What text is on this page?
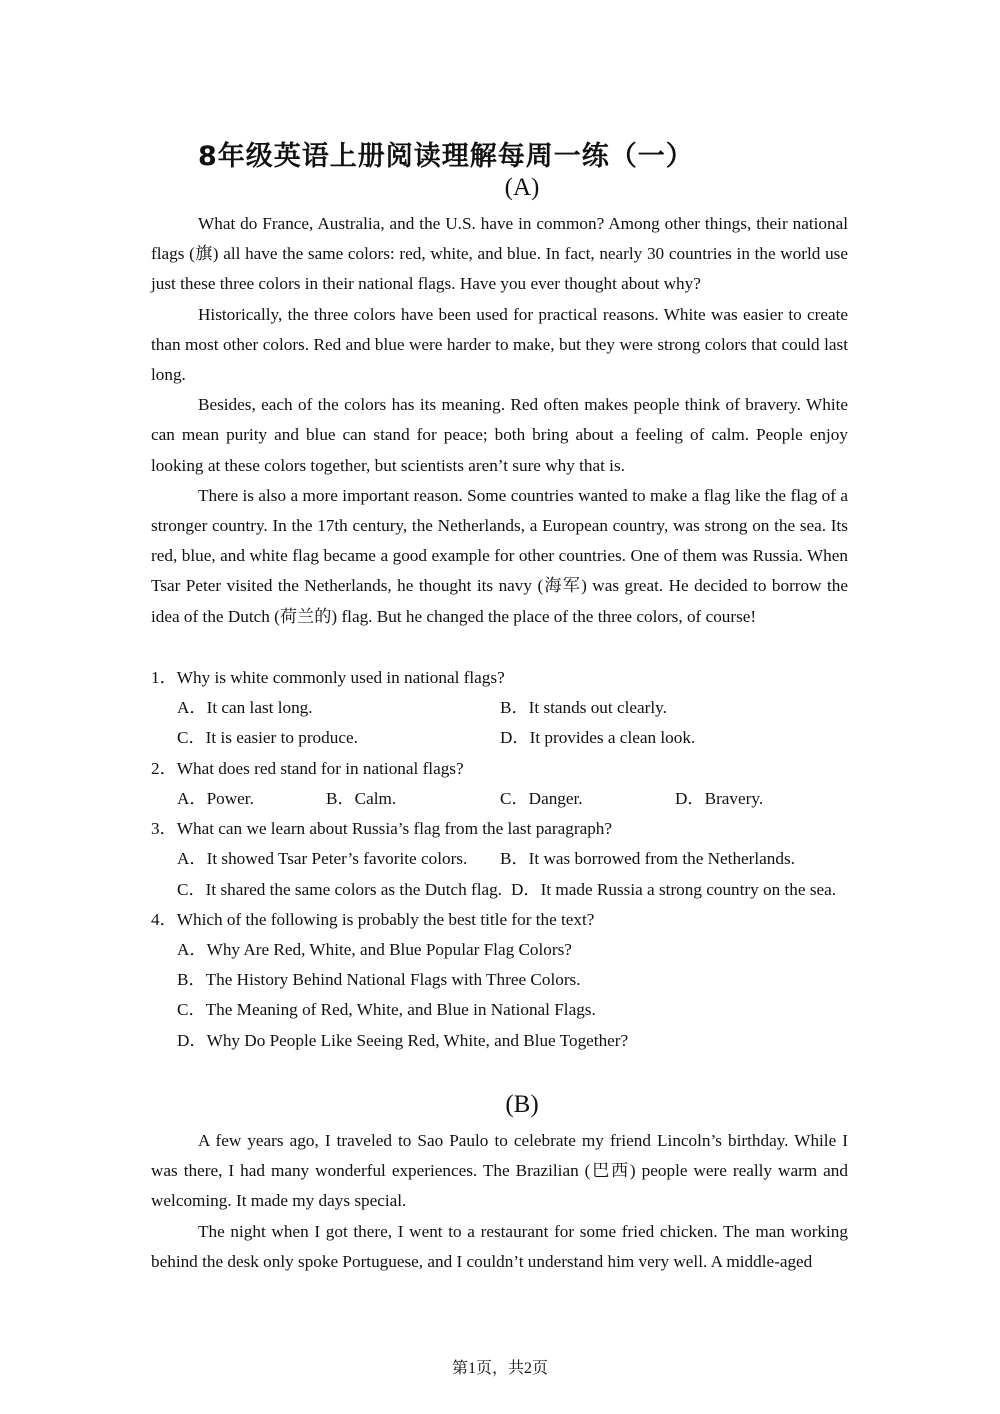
8年级英语上册阅读理解每周一练（一）
(A)

What do France, Australia, and the U.S. have in common? Among other things, their national flags (旗) all have the same colors: red, white, and blue. In fact, nearly 30 countries in the world use just these three colors in their national flags. Have you ever thought about why?

Historically, the three colors have been used for practical reasons. White was easier to create than most other colors. Red and blue were harder to make, but they were strong colors that could last long.

Besides, each of the colors has its meaning. Red often makes people think of bravery. White can mean purity and blue can stand for peace; both bring about a feeling of calm. People enjoy looking at these colors together, but scientists aren’t sure why that is.

There is also a more important reason. Some countries wanted to make a flag like the flag of a stronger country. In the 17th century, the Netherlands, a European country, was strong on the sea. Its red, blue, and white flag became a good example for other countries. One of them was Russia. When Tsar Peter visited the Netherlands, he thought its navy (海军) was great. He decided to borrow the idea of the Dutch (荷兰的) flag. But he changed the place of the three colors, of course!

1．Why is white commonly used in national flags?
A．It can last long.	B．It stands out clearly.
C．It is easier to produce.	D．It provides a clean look.
2．What does red stand for in national flags?
A．Power.	B．Calm.	C．Danger.	D．Bravery.
3．What can we learn about Russia’s flag from the last paragraph?
A．It showed Tsar Peter’s favorite colors. B．It was borrowed from the Netherlands.
C．It shared the same colors as the Dutch flag. D．It made Russia a strong country on the sea.
4．Which of the following is probably the best title for the text?
A．Why Are Red, White, and Blue Popular Flag Colors?
B．The History Behind National Flags with Three Colors.
C．The Meaning of Red, White, and Blue in National Flags.
D．Why Do People Like Seeing Red, White, and Blue Together?
(B)

A few years ago, I traveled to Sao Paulo to celebrate my friend Lincoln’s birthday. While I was there, I had many wonderful experiences. The Brazilian (巴西) people were really warm and welcoming. It made my days special.

The night when I got there, I went to a restaurant for some fried chicken. The man working behind the desk only spoke Portuguese, and I couldn’t understand him very well. A middle-aged

第1页，共2页
